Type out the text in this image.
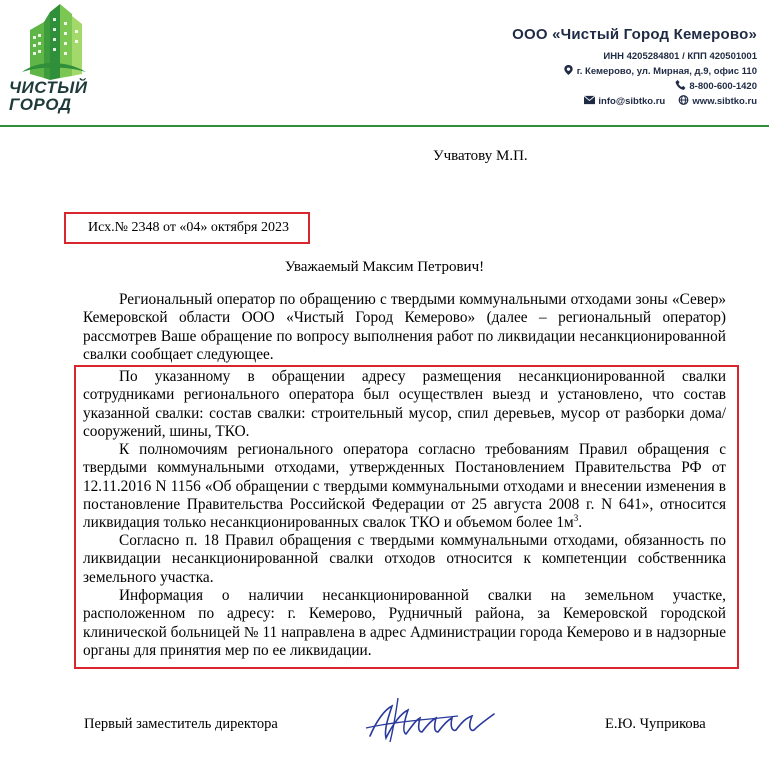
ЧИСТЫЙ
ГОРОД
ООО «Чистый Город Кемерово»
ИНН 4205284801 / КПП 420501001
г. Кемерово, ул. Мирная, д.9, офис 110
8-800-600-1420
info@sibtko.ru	www.sibtko.ru
Учватову М.П.
Исх.№ 2348 от «04» октября 2023
Уважаемый Максим Петрович!
Региональный оператор по обращению с твердыми коммунальными отходами зоны «Север» Кемеровской области ООО «Чистый Город Кемерово» (далее – региональный оператор) рассмотрев Ваше обращение по вопросу выполнения работ по ликвидации несанкционированной свалки сообщает следующее.
По указанному в обращении адресу размещения несанкционированной свалки сотрудниками регионального оператора был осуществлен выезд и установлено, что состав указанной свалки: состав свалки: строительный мусор, спил деревьев, мусор от разборки дома/сооружений, шины, ТКО.
К полномочиям регионального оператора согласно требованиям Правил обращения с твердыми коммунальными отходами, утвержденных Постановлением Правительства РФ от 12.11.2016 N 1156 «Об обращении с твердыми коммунальными отходами и внесении изменения в постановление Правительства Российской Федерации от 25 августа 2008 г. N 641», относится ликвидация только несанкционированных свалок ТКО и объемом более $1м^3$.
Согласно п. 18 Правил обращения с твердыми коммунальными отходами, обязанность по ликвидации несанкционированной свалки отходов относится к компетенции собственника земельного участка.
Информация о наличии несанкционированной свалки на земельном участке, расположенном по адресу: г. Кемерово, Рудничный района, за Кемеровской городской клинической больницей № 11 направлена в адрес Администрации города Кемерово и в надзорные органы для принятия мер по ее ликвидации.
Первый заместитель директора	Е.Ю. Чуприкова
